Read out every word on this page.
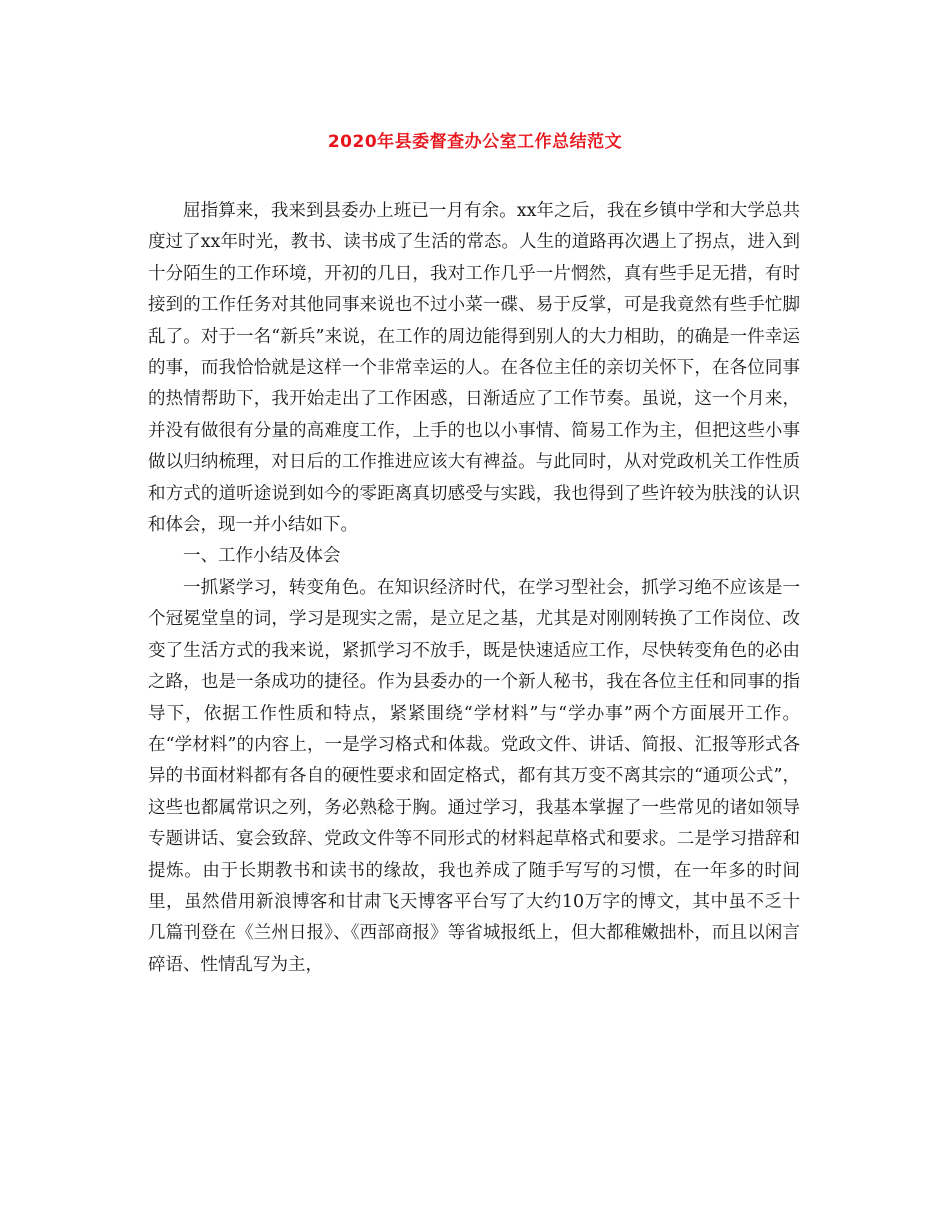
2020年县委督查办公室工作总结范文

屈指算来，我来到县委办上班已一月有余。xx年之后，我在乡镇中学和大学总共度过了xx年时光，教书、读书成了生活的常态。人生的道路再次遇上了拐点，进入到十分陌生的工作环境，开初的几日，我对工作几乎一片惘然，真有些手足无措，有时接到的工作任务对其他同事来说也不过小菜一碟、易于反掌，可是我竟然有些手忙脚乱了。对于一名“新兵”来说，在工作的周边能得到别人的大力相助，的确是一件幸运的事，而我恰恰就是这样一个非常幸运的人。在各位主任的亲切关怀下，在各位同事的热情帮助下，我开始走出了工作困惑，日渐适应了工作节奏。虽说，这一个月来，并没有做很有分量的高难度工作，上手的也以小事情、简易工作为主，但把这些小事做以归纳梳理，对日后的工作推进应该大有裨益。与此同时，从对党政机关工作性质和方式的道听途说到如今的零距离真切感受与实践，我也得到了些许较为肤浅的认识和体会，现一并小结如下。

一、工作小结及体会

一抓紧学习，转变角色。在知识经济时代，在学习型社会，抓学习绝不应该是一个冠冕堂皇的词，学习是现实之需，是立足之基，尤其是对刚刚转换了工作岗位、改变了生活方式的我来说，紧抓学习不放手，既是快速适应工作，尽快转变角色的必由之路，也是一条成功的捷径。作为县委办的一个新人秘书，我在各位主任和同事的指导下，依据工作性质和特点，紧紧围绕“学材料”与“学办事”两个方面展开工作。在“学材料”的内容上，一是学习格式和体裁。党政文件、讲话、简报、汇报等形式各异的书面材料都有各自的硬性要求和固定格式，都有其万变不离其宗的“通项公式”，这些也都属常识之列，务必熟稔于胸。通过学习，我基本掌握了一些常见的诸如领导专题讲话、宴会致辞、党政文件等不同形式的材料起草格式和要求。二是学习措辞和提炼。由于长期教书和读书的缘故，我也养成了随手写写的习惯，在一年多的时间里，虽然借用新浪博客和甘肃飞天博客平台写了大约10万字的博文，其中虽不乏十几篇刊登在《兰州日报》、《西部商报》等省城报纸上，但大都稚嫩拙朴，而且以闲言碎语、性情乱写为主，
